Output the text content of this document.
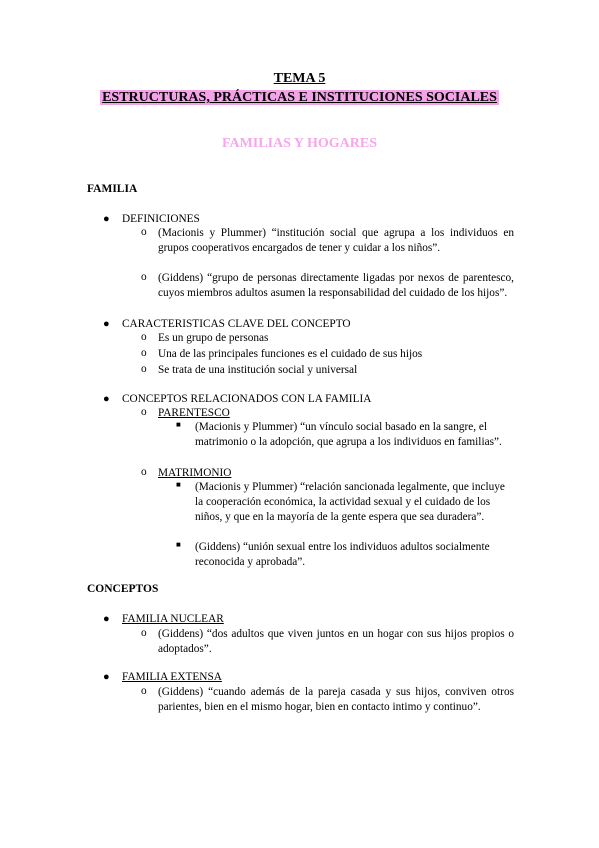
TEMA 5
ESTRUCTURAS, PRÁCTICAS E INSTITUCIONES SOCIALES
FAMILIAS Y HOGARES
FAMILIA
● DEFINICIONES
o (Macionis y Plummer) “institución social que agrupa a los individuos en grupos cooperativos encargados de tener y cuidar a los niños”.
o (Giddens) “grupo de personas directamente ligadas por nexos de parentesco, cuyos miembros adultos asumen la responsabilidad del cuidado de los hijos”.
● CARACTERISTICAS CLAVE DEL CONCEPTO
o Es un grupo de personas
o Una de las principales funciones es el cuidado de sus hijos
o Se trata de una institución social y universal
● CONCEPTOS RELACIONADOS CON LA FAMILIA
o PARENTESCO
■ (Macionis y Plummer) “un vínculo social basado en la sangre, el matrimonio o la adopción, que agrupa a los individuos en familias”.
o MATRIMONIO
■ (Macionis y Plummer) “relación sancionada legalmente, que incluye la cooperación económica, la actividad sexual y el cuidado de los niños, y que en la mayoría de la gente espera que sea duradera”.
■ (Giddens) “unión sexual entre los individuos adultos socialmente reconocida y aprobada”.
CONCEPTOS
● FAMILIA NUCLEAR
o (Giddens) “dos adultos que viven juntos en un hogar con sus hijos propios o adoptados”.
● FAMILIA EXTENSA
o (Giddens) “cuando además de la pareja casada y sus hijos, conviven otros parientes, bien en el mismo hogar, bien en contacto intimo y continuo”.
